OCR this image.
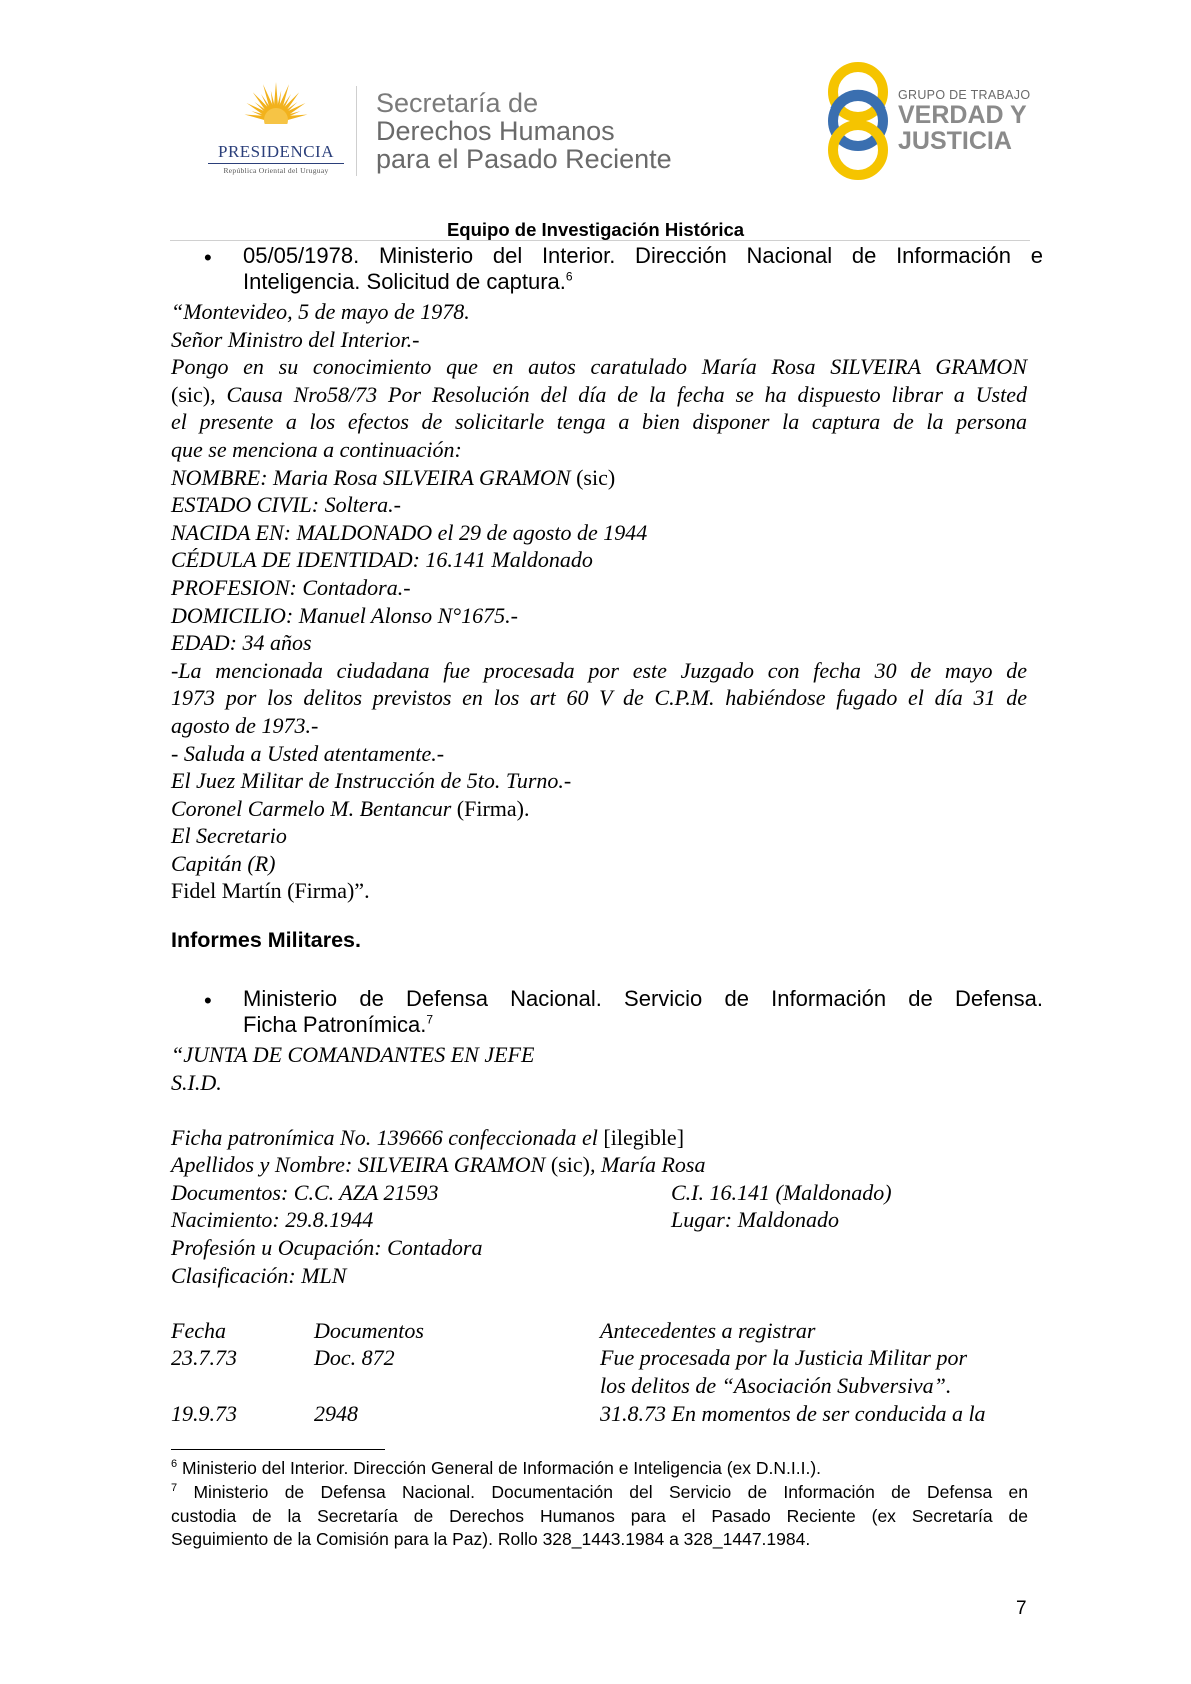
PRESIDENCIA
República Oriental del Uruguay
Secretaría de
Derechos Humanos
para el Pasado Reciente
GRUPO DE TRABAJO
VERDAD Y
JUSTICIA
Equipo de Investigación Histórica
• 05/05/1978. Ministerio del Interior. Dirección Nacional de Información e
Inteligencia. Solicitud de captura.$^6$
“Montevideo, 5 de mayo de 1978.
Señor Ministro del Interior.-
Pongo en su conocimiento que en autos caratulado María Rosa SILVEIRA GRAMON
(sic), Causa Nro58/73 Por Resolución del día de la fecha se ha dispuesto librar a Usted
el presente a los efectos de solicitarle tenga a bien disponer la captura de la persona
que se menciona a continuación:
NOMBRE: Maria Rosa SILVEIRA GRAMON (sic)
ESTADO CIVIL: Soltera.-
NACIDA EN: MALDONADO el 29 de agosto de 1944
CÉDULA DE IDENTIDAD: 16.141 Maldonado
PROFESION: Contadora.-
DOMICILIO: Manuel Alonso N°1675.-
EDAD: 34 años
-La mencionada ciudadana fue procesada por este Juzgado con fecha 30 de mayo de
1973 por los delitos previstos en los art 60 V de C.P.M. habiéndose fugado el día 31 de
agosto de 1973.-
- Saluda a Usted atentamente.-
El Juez Militar de Instrucción de 5to. Turno.-
Coronel Carmelo M. Bentancur (Firma).
El Secretario
Capitán (R)
Fidel Martín (Firma)”.
Informes Militares.
• Ministerio de Defensa Nacional. Servicio de Información de Defensa.
Ficha Patronímica.$^7$
“JUNTA DE COMANDANTES EN JEFE
S.I.D.
Ficha patronímica No. 139666 confeccionada el [ilegible]
Apellidos y Nombre: SILVEIRA GRAMON (sic), María Rosa
Documentos: C.C. AZA 21593	C.I. 16.141 (Maldonado)
Nacimiento: 29.8.1944	Lugar: Maldonado
Profesión u Ocupación: Contadora
Clasificación: MLN
Fecha	Documentos	Antecedentes a registrar
23.7.73	Doc. 872	Fue procesada por la Justicia Militar por
los delitos de “Asociación Subversiva”.
19.9.73	2948	31.8.73 En momentos de ser conducida a la
$^6$ Ministerio del Interior. Dirección General de Información e Inteligencia (ex D.N.I.I.).
$^7$ Ministerio de Defensa Nacional. Documentación del Servicio de Información de Defensa en
custodia de la Secretaría de Derechos Humanos para el Pasado Reciente (ex Secretaría de
Seguimiento de la Comisión para la Paz). Rollo 328_1443.1984 a 328_1447.1984.
7
